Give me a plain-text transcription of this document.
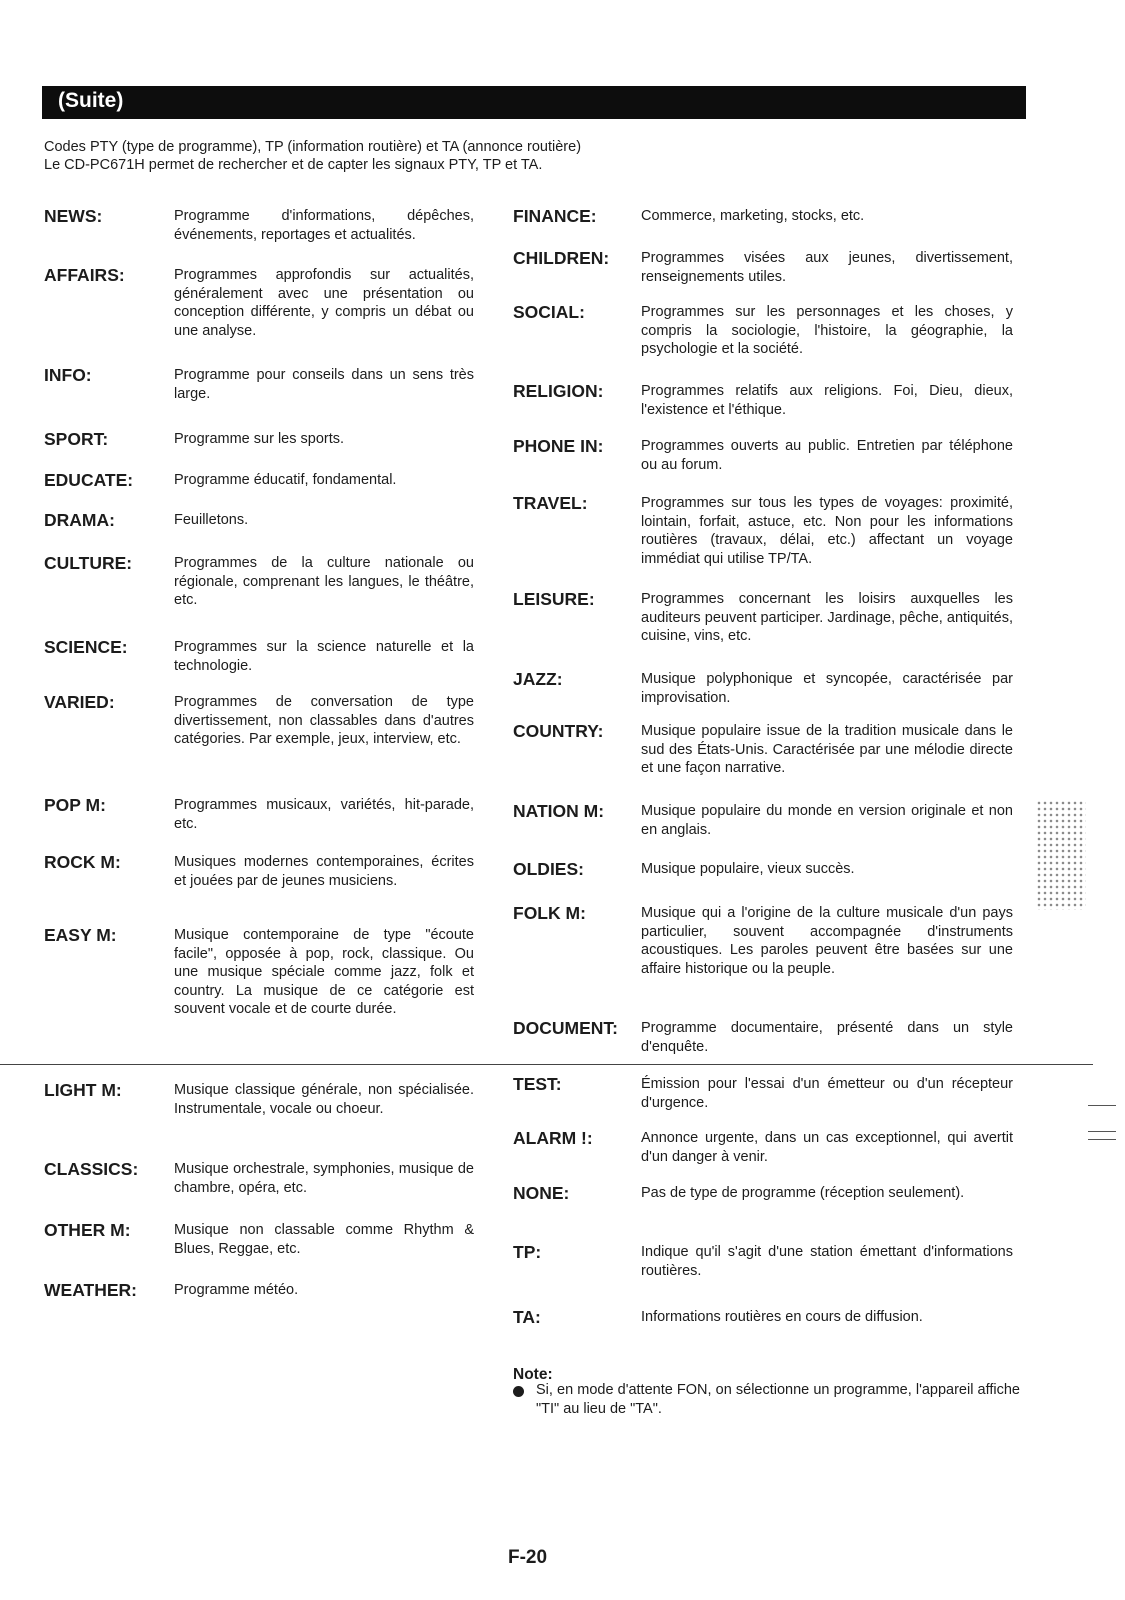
(Suite)
Codes PTY (type de programme), TP (information routière) et TA (annonce routière)
Le CD-PC671H permet de rechercher et de capter les signaux PTY, TP et TA.
NEWS:	Programme d'informations, dépêches, événements, reportages et actualités.
AFFAIRS:	Programmes approfondis sur actualités, généralement avec une présentation ou conception différente, y compris un débat ou une analyse.
INFO:	Programme pour conseils dans un sens très large.
SPORT:	Programme sur les sports.
EDUCATE:	Programme éducatif, fondamental.
DRAMA:	Feuilletons.
CULTURE:	Programmes de la culture nationale ou régionale, comprenant les langues, le théâtre, etc.
SCIENCE:	Programmes sur la science naturelle et la technologie.
VARIED:	Programmes de conversation de type divertissement, non classables dans d'autres catégories. Par exemple, jeux, interview, etc.
POP M:	Programmes musicaux, variétés, hit-parade, etc.
ROCK M:	Musiques modernes contemporaines, écrites et jouées par de jeunes musiciens.
EASY M:	Musique contemporaine de type "écoute facile", opposée à pop, rock, classique. Ou une musique spéciale comme jazz, folk et country. La musique de ce catégorie est souvent vocale et de courte durée.
LIGHT M:	Musique classique générale, non spécialisée. Instrumentale, vocale ou choeur.
CLASSICS: Musique orchestrale, symphonies, musique de chambre, opéra, etc.
OTHER M:	Musique non classable comme Rhythm & Blues, Reggae, etc.
WEATHER:	Programme météo.
FINANCE:	Commerce, marketing, stocks, etc.
CHILDREN: Programmes visées aux jeunes, divertissement, renseignements utiles.
SOCIAL:	Programmes sur les personnages et les choses, y compris la sociologie, l'histoire, la géographie, la psychologie et la société.
RELIGION:	Programmes relatifs aux religions. Foi, Dieu, dieux, l'existence et l'éthique.
PHONE IN:	Programmes ouverts au public. Entretien par téléphone ou au forum.
TRAVEL:	Programmes sur tous les types de voyages: proximité, lointain, forfait, astuce, etc. Non pour les informations routières (travaux, délai, etc.) affectant un voyage immédiat qui utilise TP/TA.
LEISURE:	Programmes concernant les loisirs auxquelles les auditeurs peuvent participer. Jardinage, pêche, antiquités, cuisine, vins, etc.
JAZZ:	Musique polyphonique et syncopée, caractérisée par improvisation.
COUNTRY:	Musique populaire issue de la tradition musicale dans le sud des États-Unis. Caractérisée par une mélodie directe et une façon narrative.
NATION M:	Musique populaire du monde en version originale et non en anglais.
OLDIES:	Musique populaire, vieux succès.
FOLK M:	Musique qui a l'origine de la culture musicale d'un pays particulier, souvent accompagnée d'instruments acoustiques. Les paroles peuvent être basées sur une affaire historique ou la peuple.
DOCUMENT: Programme documentaire, présenté dans un style d'enquête.
TEST:	Émission pour l'essai d'un émetteur ou d'un récepteur d'urgence.
ALARM !:	Annonce urgente, dans un cas exceptionnel, qui avertit d'un danger à venir.
NONE:	Pas de type de programme (réception seulement).
TP:	Indique qu'il s'agit d'une station émettant d'informations routières.
TA:	Informations routières en cours de diffusion.
Note:
Si, en mode d'attente FON, on sélectionne un programme, l'appareil affiche "TI" au lieu de "TA".
F-20
